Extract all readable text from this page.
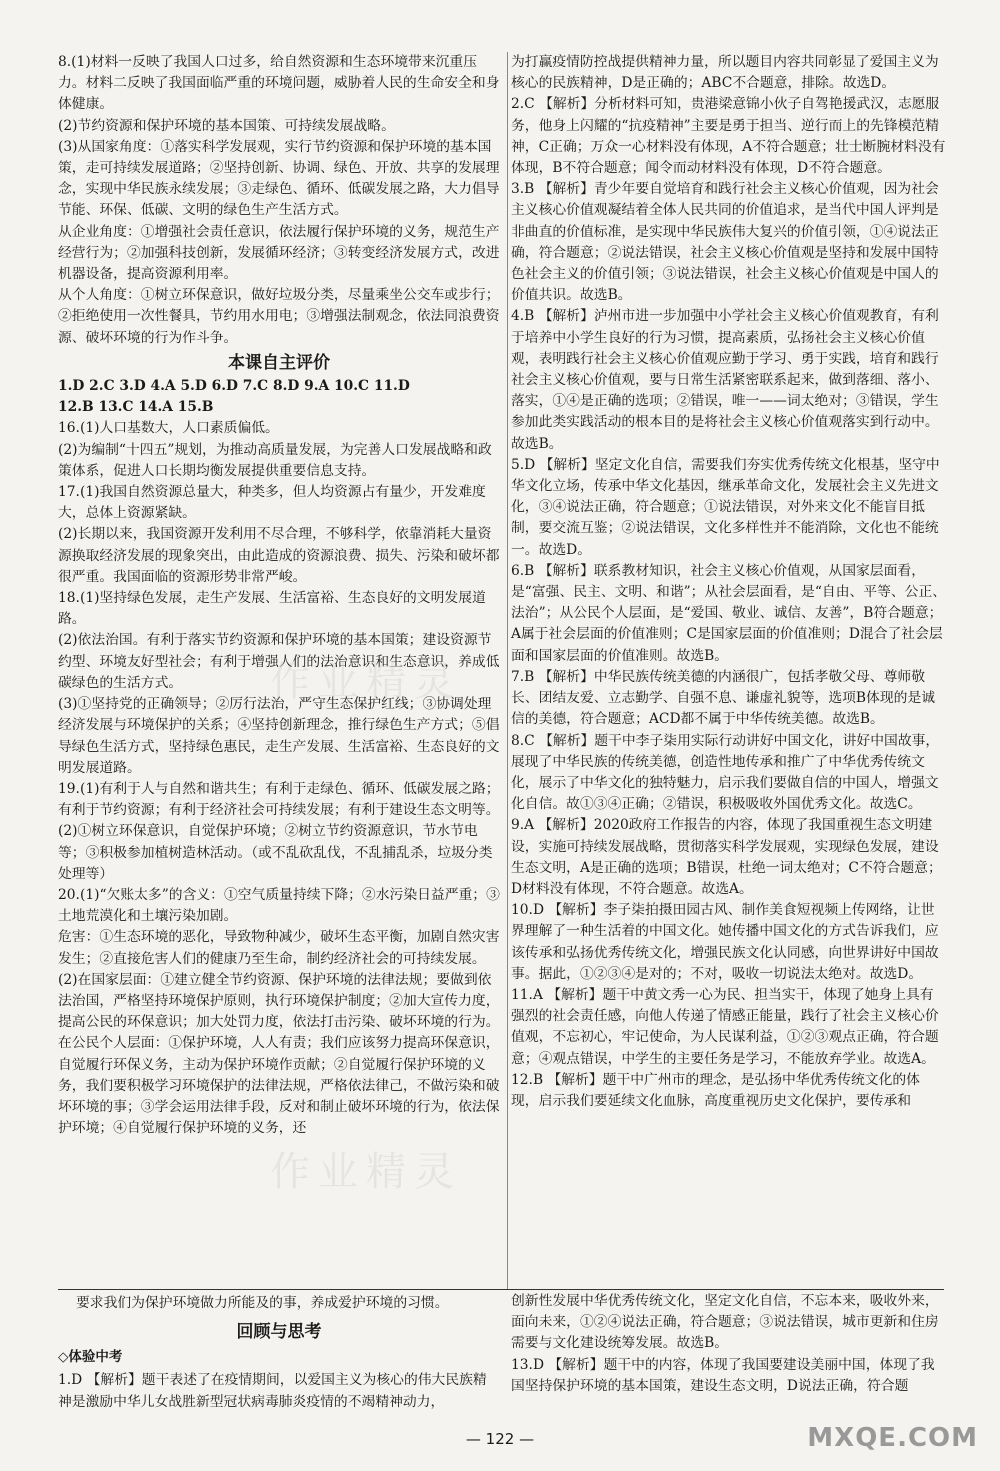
8.(1)材料一反映了我国人口过多，给自然资源和生态环境带来沉重压力。材料二反映了我国面临严重的环境问题，威胁着人民的生命安全和身体健康。
(2)节约资源和保护环境的基本国策、可持续发展战略。
(3)从国家角度：①落实科学发展观，实行节约资源和保护环境的基本国策，走可持续发展道路；②坚持创新、协调、绿色、开放、共享的发展理念，实现中华民族永续发展；③走绿色、循环、低碳发展之路，大力倡导节能、环保、低碳、文明的绿色生产生活方式。
从企业角度：①增强社会责任意识，依法履行保护环境的义务，规范生产经营行为；②加强科技创新，发展循环经济；③转变经济发展方式，改进机器设备，提高资源利用率。
从个人角度：①树立环保意识，做好垃圾分类，尽量乘坐公交车或步行；②拒绝使用一次性餐具，节约用水用电；③增强法制观念，依法同浪费资源、破坏环境的行为作斗争。
本课自主评价
1.D 2.C 3.D 4.A 5.D 6.D 7.C 8.D 9.A 10.C 11.D
12.B 13.C 14.A 15.B
16.(1)人口基数大，人口素质偏低。
(2)为编制“十四五”规划，为推动高质量发展，为完善人口发展战略和政策体系，促进人口长期均衡发展提供重要信息支持。
17.(1)我国自然资源总量大，种类多，但人均资源占有量少，开发难度大，总体上资源紧缺。
(2)长期以来，我国资源开发利用不尽合理，不够科学，依靠消耗大量资源换取经济发展的现象突出，由此造成的资源浪费、损失、污染和破坏都很严重。我国面临的资源形势非常严峻。
18.(1)坚持绿色发展，走生产发展、生活富裕、生态良好的文明发展道路。
(2)依法治国。有利于落实节约资源和保护环境的基本国策；建设资源节约型、环境友好型社会；有利于增强人们的法治意识和生态意识，养成低碳绿色的生活方式。
(3)①坚持党的正确领导；②厉行法治，严守生态保护红线；③协调处理经济发展与环境保护的关系；④坚持创新理念，推行绿色生产方式；⑤倡导绿色生活方式，坚持绿色惠民，走生产发展、生活富裕、生态良好的文明发展道路。
19.(1)有利于人与自然和谐共生；有利于走绿色、循环、低碳发展之路；有利于节约资源；有利于经济社会可持续发展；有利于建设生态文明等。
(2)①树立环保意识，自觉保护环境；②树立节约资源意识，节水节电等；③积极参加植树造林活动。（或不乱砍乱伐，不乱捕乱杀，垃圾分类处理等）
20.(1)“欠账太多”的含义：①空气质量持续下降；②水污染日益严重；③土地荒漠化和土壤污染加剧。
危害：①生态环境的恶化，导致物种减少，破坏生态平衡，加剧自然灾害发生；②直接危害人们的健康乃至生命，制约经济社会的可持续发展。
(2)在国家层面：①建立健全节约资源、保护环境的法律法规；要做到依法治国，严格坚持环境保护原则，执行环境保护制度；②加大宣传力度，提高公民的环保意识；加大处罚力度，依法打击污染、破坏环境的行为。
在公民个人层面：①保护环境，人人有责；我们应该努力提高环保意识，自觉履行环保义务，主动为保护环境作贡献；②自觉履行保护环境的义务，我们要积极学习环境保护的法律法规，严格依法律己，不做污染和破坏环境的事；③学会运用法律手段，反对和制止破坏环境的行为，依法保护环境；④自觉履行保护环境的义务，还
为打赢疫情防控战提供精神力量，所以题目内容共同彰显了爱国主义为核心的民族精神，D是正确的；ABC不合题意，排除。故选D。
2.C 【解析】分析材料可知，贵港梁意锦小伙子自驾艳援武汉，志愿服务，他身上闪耀的“抗疫精神”主要是勇于担当、逆行而上的先锋模范精神，C正确；万众一心材料没有体现，A不符合题意；壮士断腕材料没有体现，B不符合题意；闻令而动材料没有体现，D不符合题意。
3.B 【解析】青少年要自觉培育和践行社会主义核心价值观，因为社会主义核心价值观凝结着全体人民共同的价值追求，是当代中国人评判是非曲直的价值标准，是实现中华民族伟大复兴的价值引领，①④说法正确，符合题意；②说法错误，社会主义核心价值观是坚持和发展中国特色社会主义的价值引领；③说法错误，社会主义核心价值观是中国人的价值共识。故选B。
4.B 【解析】泸州市进一步加强中小学社会主义核心价值观教育，有利于培养中小学生良好的行为习惯，提高素质，弘扬社会主义核心价值观，表明践行社会主义核心价值观应勤于学习、勇于实践，培育和践行社会主义核心价值观，要与日常生活紧密联系起来，做到落细、落小、落实，①④是正确的选项；②错误，唯一——词太绝对；③错误，学生参加此类实践活动的根本目的是将社会主义核心价值观落实到行动中。故选B。
5.D 【解析】坚定文化自信，需要我们夯实优秀传统文化根基，坚守中华文化立场，传承中华文化基因，继承革命文化，发展社会主义先进文化，③④说法正确，符合题意；①说法错误，对外来文化不能盲目抵制，要交流互鉴；②说法错误，文化多样性并不能消除，文化也不能统一。故选D。
6.B 【解析】联系教材知识，社会主义核心价值观，从国家层面看，是“富强、民主、文明、和谐”；从社会层面看，是“自由、平等、公正、法治”；从公民个人层面，是“爱国、敬业、诚信、友善”，B符合题意；A属于社会层面的价值准则；C是国家层面的价值准则；D混合了社会层面和国家层面的价值准则。故选B。
7.B 【解析】中华民族传统美德的内涵很广，包括孝敬父母、尊师敬长、团结友爱、立志勤学、自强不息、谦虚礼貌等，选项B体现的是诚信的美德，符合题意；ACD都不属于中华传统美德。故选B。
8.C 【解析】题干中李子柒用实际行动讲好中国文化，讲好中国故事，展现了中华民族的传统美德，创造性地传承和推广了中华优秀传统文化，展示了中华文化的独特魅力，启示我们要做自信的中国人，增强文化自信。故①③④正确；②错误，积极吸收外国优秀文化。故选C。
9.A 【解析】2020政府工作报告的内容，体现了我国重视生态文明建设，实施可持续发展战略，贯彻落实科学发展观，实现绿色发展，建设生态文明，A是正确的选项；B错误，杜绝一词太绝对；C不符合题意；D材料没有体现，不符合题意。故选A。
10.D 【解析】李子柒拍摄田园古风、制作美食短视频上传网络，让世界理解了一种生活着的中国文化。她传播中国文化的方式告诉我们，应该传承和弘扬优秀传统文化，增强民族文化认同感，向世界讲好中国故事。据此，①②③④是对的；不对，吸收一切说法太绝对。故选D。
11.A 【解析】题干中黄文秀一心为民、担当实干，体现了她身上具有强烈的社会责任感，向他人传递了情感正能量，践行了社会主义核心价值观，不忘初心，牢记使命，为人民谋利益，①②③观点正确，符合题意；④观点错误，中学生的主要任务是学习，不能放弃学业。故选A。
12.B 【解析】题干中广州市的理念，是弘扬中华优秀传统文化的体现，启示我们要延续文化血脉，高度重视历史文化保护，要传承和
要求我们为保护环境做力所能及的事，养成爱护环境的习惯。
回顾与思考
◇体验中考
1.D 【解析】题干表述了在疫情期间，以爱国主义为核心的伟大民族精神是激励中华儿女战胜新型冠状病毒肺炎疫情的不竭精神动力，
创新性发展中华优秀传统文化，坚定文化自信，不忘本来，吸收外来，面向未来，①②④说法正确，符合题意；③说法错误，城市更新和住房需要与文化建设统筹发展。故选B。
13.D 【解析】题干中的内容，体现了我国要建设美丽中国，体现了我国坚持保护环境的基本国策，建设生态文明，D说法正确，符合题
作业精灵
作业精灵
— 122 —	MXQE.COM
